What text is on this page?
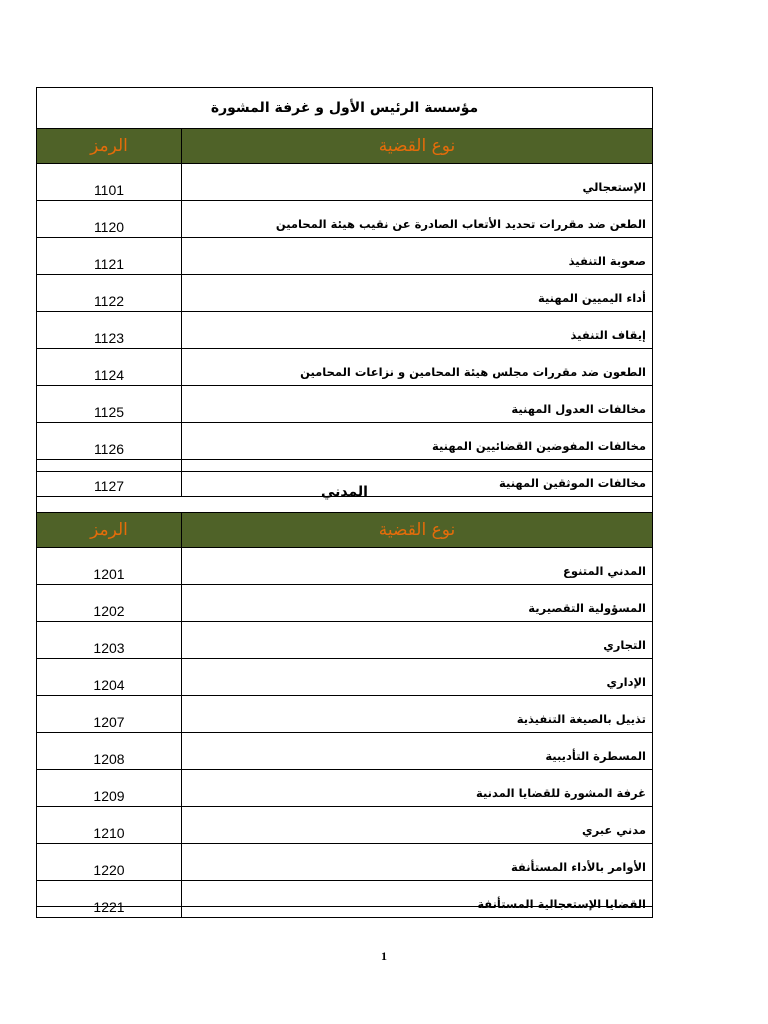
مؤسسة الرئيس الأول و غرفة المشورة	
الرمز	نوع القضية
1101	الإستعجالي
1120	الطعن ضد مقررات تحديد الأتعاب الصادرة عن نقيب هيئة المحامين
1121	صعوبة التنفيذ
1122	أداء اليميين المهنية
1123	إيقاف التنفيذ
1124	الطعون ضد مقررات مجلس هيئة المحامين و نزاعات المحامين
1125	مخالفات العدول المهنية
1126	مخالفات المفوضين القضائيين المهنية
1127	مخالفات الموثقين المهنية
المدني	
الرمز	نوع القضية
1201	المدني المتنوع
1202	المسؤولية التقصيرية
1203	التجاري
1204	الإداري
1207	تذييل بالصيغة التنفيذية
1208	المسطرة التأديبية
1209	غرفة المشورة للقضايا المدنية
1210	مدني عبري
1220	الأوامر بالأداء المستأنفة
1221	القضايا الإستعجالية المستأنفة
1
